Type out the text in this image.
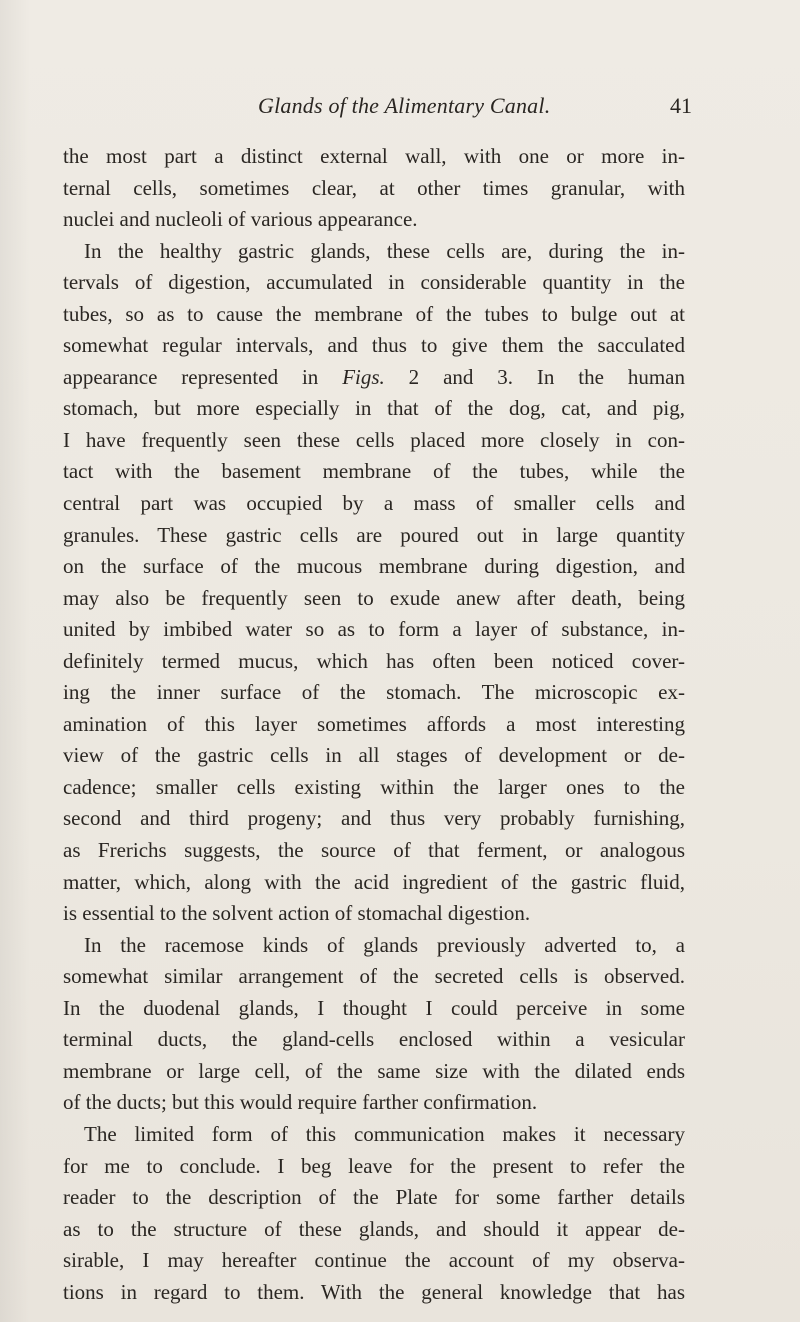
Glands of the Alimentary Canal.	41
the most part a distinct external wall, with one or more in-
ternal cells, sometimes clear, at other times granular, with
nuclei and nucleoli of various appearance.
In the healthy gastric glands, these cells are, during the in-
tervals of digestion, accumulated in considerable quantity in the
tubes, so as to cause the membrane of the tubes to bulge out at
somewhat regular intervals, and thus to give them the sacculated
appearance represented in Figs. 2 and 3. In the human
stomach, but more especially in that of the dog, cat, and pig,
I have frequently seen these cells placed more closely in con-
tact with the basement membrane of the tubes, while the
central part was occupied by a mass of smaller cells and
granules. These gastric cells are poured out in large quantity
on the surface of the mucous membrane during digestion, and
may also be frequently seen to exude anew after death, being
united by imbibed water so as to form a layer of substance, in-
definitely termed mucus, which has often been noticed cover-
ing the inner surface of the stomach. The microscopic ex-
amination of this layer sometimes affords a most interesting
view of the gastric cells in all stages of development or de-
cadence; smaller cells existing within the larger ones to the
second and third progeny; and thus very probably furnishing,
as Frerichs suggests, the source of that ferment, or analogous
matter, which, along with the acid ingredient of the gastric fluid,
is essential to the solvent action of stomachal digestion.
In the racemose kinds of glands previously adverted to, a
somewhat similar arrangement of the secreted cells is observed.
In the duodenal glands, I thought I could perceive in some
terminal ducts, the gland-cells enclosed within a vesicular
membrane or large cell, of the same size with the dilated ends
of the ducts; but this would require farther confirmation.
The limited form of this communication makes it necessary
for me to conclude. I beg leave for the present to refer the
reader to the description of the Plate for some farther details
as to the structure of these glands, and should it appear de-
sirable, I may hereafter continue the account of my observa-
tions in regard to them. With the general knowledge that has
